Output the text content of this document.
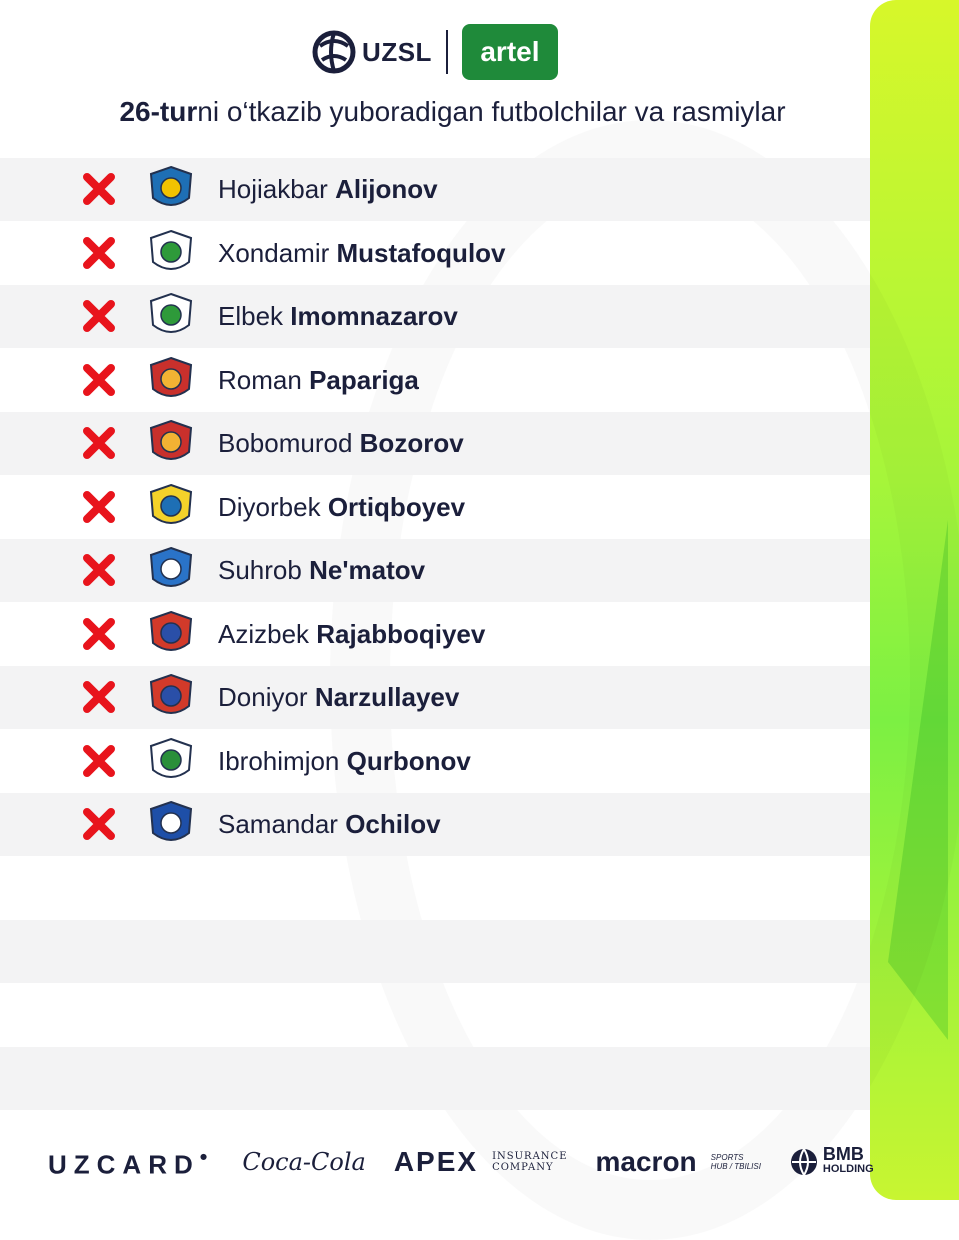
UZSL	artel
26-turni o‘tkazib yuboradigan futbolchilar va rasmiylar
Hojiakbar Alijonov
Xondamir Mustafoqulov
Elbek Imomnazarov
Roman Papariga
Bobomurod Bozorov
Diyorbek Ortiqboyev
Suhrob Ne'matov
Azizbek Rajabboqiyev
Doniyor Narzullayev
Ibrohimjon Qurbonov
Samandar Ochilov
UZCARD• Coca-Cola APEX INSURANCE
COMPANY	macron SPORTS
HUB / TBILISI
BMB
HOLDING
